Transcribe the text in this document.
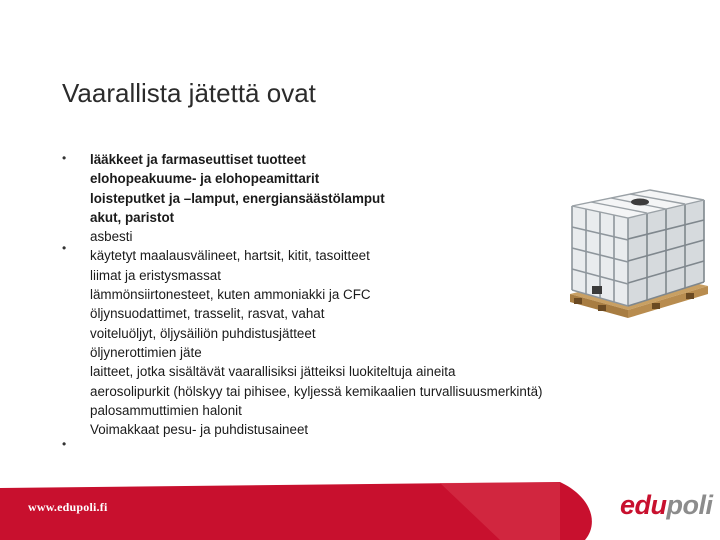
Vaarallista jätettä ovat
•
•
•
lääkkeet ja farmaseuttiset tuotteet
elohopeakuume- ja elohopeamittarit
loisteputket ja –lamput, energiansäästölamput
akut, paristot
asbesti
käytetyt maalausvälineet, hartsit, kitit, tasoitteet
liimat ja eristysmassat
lämmönsiirtonesteet, kuten ammoniakki ja CFC
öljynsuodattimet, trasselit, rasvat, vahat
voiteluöljyt, öljysäiliön puhdistusjätteet
öljynerottimien jäte
laitteet, jotka sisältävät vaarallisiksi jätteiksi luokiteltuja aineita
aerosolipurkit (hölskyy tai pihisee, kyljessä kemikaalien turvallisuusmerkintä)
palosammuttimien halonit
Voimakkaat pesu- ja puhdistusaineet
www.edupoli.fi	edupoli
